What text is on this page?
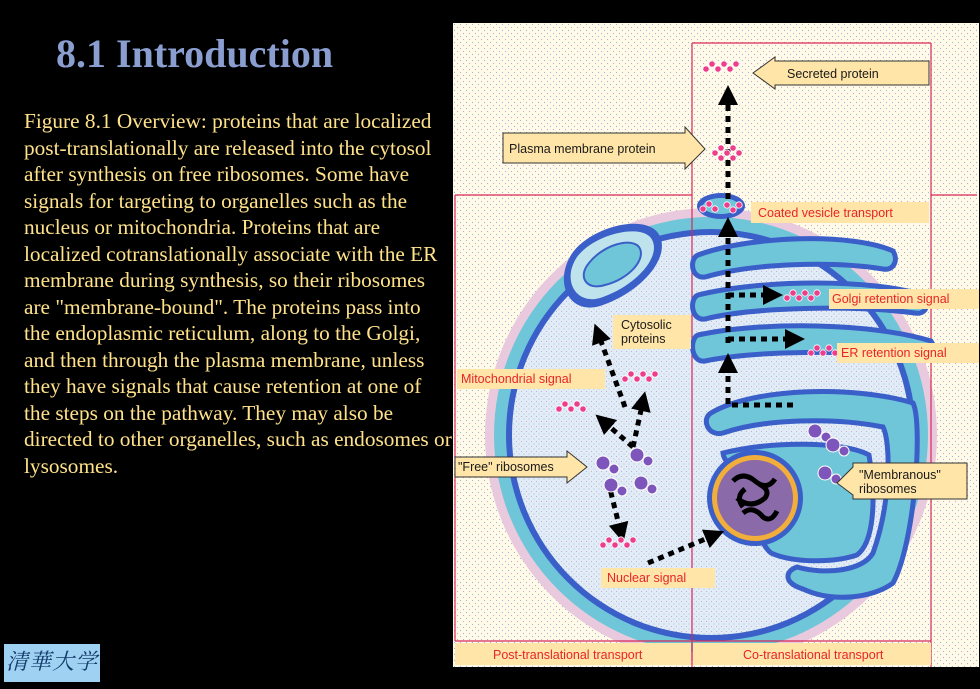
8.1 Introduction

Figure 8.1 Overview: proteins that are localized post-translationally are released into the cytosol after synthesis on free ribosomes. Some have signals for targeting to organelles such as the nucleus or mitochondria. Proteins that are localized cotranslationally associate with the ER membrane during synthesis, so their ribosomes are "membrane-bound". The proteins pass into the endoplasmic reticulum, along to the Golgi, and then through the plasma membrane, unless they have signals that cause retention at one of the steps on the pathway. They may also be directed to other organelles, such as endosomes or lysosomes.

清華大学
Secreted protein
Plasma membrane protein
Coated vesicle transport
Golgi retention signal
ER retention signal
Cytosolic
proteins
Mitochondrial signal
"Free" ribosomes
"Membranous"
ribosomes
Nuclear signal
Post-translational transport	Co-translational transport
